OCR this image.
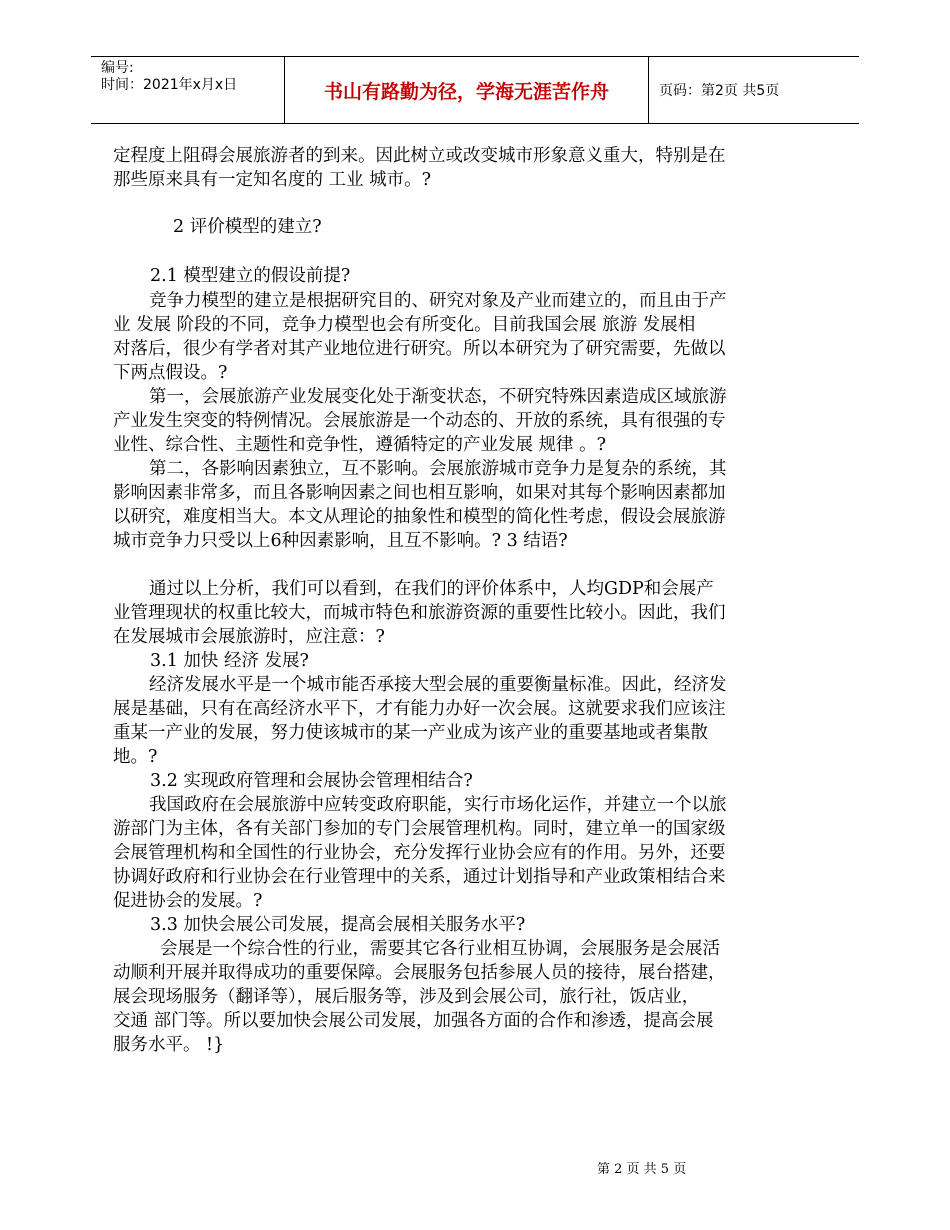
编号:
时间：2021年x月x日	书山有路勤为径，学海无涯苦作舟	页码：第2页 共5页
定程度上阻碍会展旅游者的到来。因此树立或改变城市形象意义重大，特别是在
那些原来具有一定知名度的 工业 城市。?
2 评价模型的建立?
2.1 模型建立的假设前提?
竞争力模型的建立是根据研究目的、研究对象及产业而建立的，而且由于产
业 发展 阶段的不同，竞争力模型也会有所变化。目前我国会展 旅游 发展相
对落后，很少有学者对其产业地位进行研究。所以本研究为了研究需要，先做以
下两点假设。?
第一，会展旅游产业发展变化处于渐变状态，不研究特殊因素造成区域旅游
产业发生突变的特例情况。会展旅游是一个动态的、开放的系统，具有很强的专
业性、综合性、主题性和竞争性，遵循特定的产业发展 规律 。?
第二，各影响因素独立，互不影响。会展旅游城市竞争力是复杂的系统，其
影响因素非常多，而且各影响因素之间也相互影响，如果对其每个影响因素都加
以研究，难度相当大。本文从理论的抽象性和模型的简化性考虑，假设会展旅游
城市竞争力只受以上6种因素影响，且互不影响。? 3 结语?
通过以上分析，我们可以看到，在我们的评价体系中，人均GDP和会展产
业管理现状的权重比较大，而城市特色和旅游资源的重要性比较小。因此，我们
在发展城市会展旅游时，应注意：?
3.1 加快 经济 发展?
经济发展水平是一个城市能否承接大型会展的重要衡量标准。因此，经济发
展是基础，只有在高经济水平下，才有能力办好一次会展。这就要求我们应该注
重某一产业的发展，努力使该城市的某一产业成为该产业的重要基地或者集散
地。?
3.2 实现政府管理和会展协会管理相结合?
我国政府在会展旅游中应转变政府职能，实行市场化运作，并建立一个以旅
游部门为主体，各有关部门参加的专门会展管理机构。同时，建立单一的国家级
会展管理机构和全国性的行业协会，充分发挥行业协会应有的作用。另外，还要
协调好政府和行业协会在行业管理中的关系，通过计划指导和产业政策相结合来
促进协会的发展。?
3.3 加快会展公司发展，提高会展相关服务水平?
会展是一个综合性的行业，需要其它各行业相互协调，会展服务是会展活
动顺利开展并取得成功的重要保障。会展服务包括参展人员的接待，展台搭建，
展会现场服务（翻译等），展后服务等，涉及到会展公司，旅行社，饭店业，
交通 部门等。所以要加快会展公司发展，加强各方面的合作和渗透，提高会展
服务水平。 !}
第 2 页 共 5 页
